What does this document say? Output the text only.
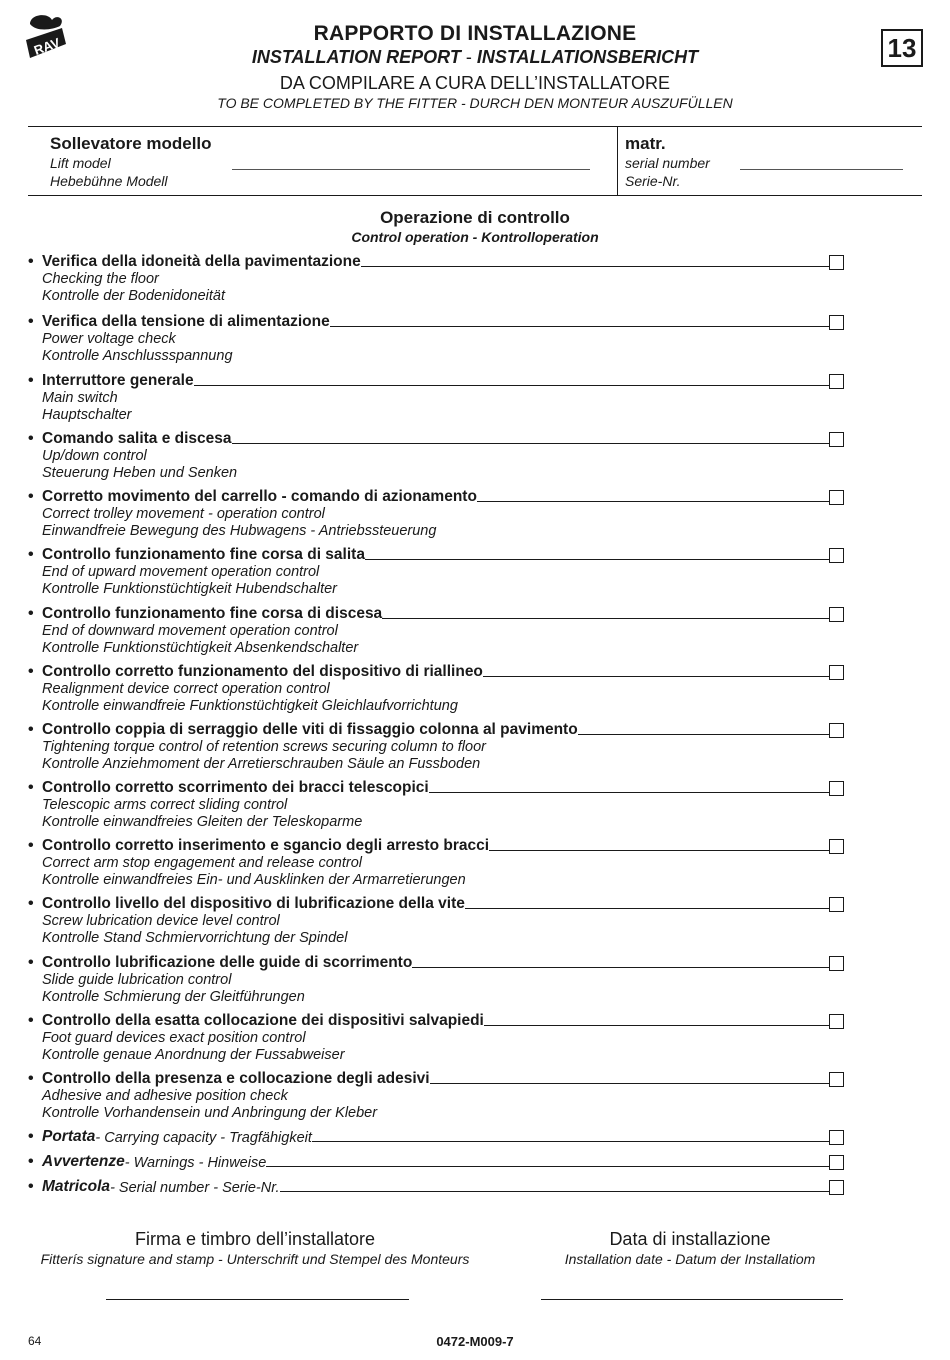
RAV
RAPPORTO DI INSTALLAZIONE
INSTALLATION REPORT - INSTALLATIONSBERICHT
DA COMPILARE A CURA DELL’INSTALLATORE
TO BE COMPLETED BY THE FITTER - DURCH DEN MONTEUR AUSZUFÜLLEN
13
Sollevatore modello
Lift model
Hebebühne Modell
matr.
serial number
Serie-Nr.
Operazione di controllo
Control operation - Kontrolloperation
• Verifica della idoneità della pavimentazione
Checking the floor
Kontrolle der Bodenidoneität
• Verifica della tensione di alimentazione
Power voltage check
Kontrolle Anschlussspannung
• Interruttore generale
Main switch
Hauptschalter
• Comando salita e discesa
Up/down control
Steuerung Heben und Senken
• Corretto movimento del carrello - comando di azionamento
Correct trolley movement - operation control
Einwandfreie Bewegung des Hubwagens - Antriebssteuerung
• Controllo funzionamento fine corsa di salita
End of upward movement operation control
Kontrolle Funktionstüchtigkeit Hubendschalter
• Controllo funzionamento fine corsa di discesa
End of downward movement operation control
Kontrolle Funktionstüchtigkeit Absenkendschalter
• Controllo corretto funzionamento del dispositivo di riallineo
Realignment device correct operation control
Kontrolle einwandfreie Funktionstüchtigkeit Gleichlaufvorrichtung
• Controllo coppia di serraggio delle viti di fissaggio colonna al pavimento
Tightening torque control of retention screws securing column to floor
Kontrolle Anziehmoment der Arretierschrauben Säule an Fussboden
• Controllo corretto scorrimento dei bracci telescopici
Telescopic arms correct sliding control
Kontrolle einwandfreies Gleiten der Teleskoparme
• Controllo corretto inserimento e sgancio degli arresto bracci
Correct arm stop engagement and release control
Kontrolle einwandfreies Ein- und Ausklinken der Armarretierungen
• Controllo livello del dispositivo di lubrificazione della vite
Screw lubrication device level control
Kontrolle Stand Schmiervorrichtung der Spindel
• Controllo lubrificazione delle guide di scorrimento
Slide guide lubrication control
Kontrolle Schmierung der Gleitführungen
• Controllo della esatta collocazione dei dispositivi salvapiedi
Foot guard devices exact position control
Kontrolle genaue Anordnung der Fussabweiser
• Controllo della presenza e collocazione degli adesivi
Adhesive and adhesive position check
Kontrolle Vorhandensein und Anbringung der Kleber
• Portata - Carrying capacity - Tragfähigkeit
• Avvertenze - Warnings - Hinweise
• Matricola - Serial number - Serie-Nr.
Firma e timbro dell’installatore
Fitterís signature and stamp - Unterschrift und Stempel des Monteurs
Data di installazione
Installation date - Datum der Installatiom
64	0472-M009-7
